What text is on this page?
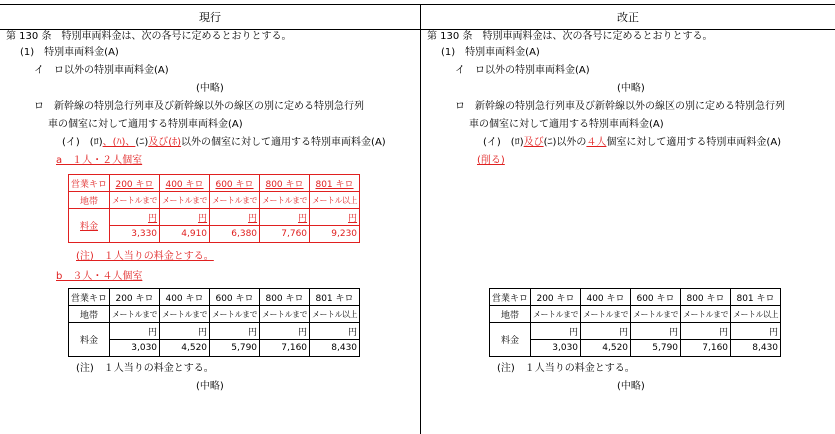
現行	改正
第 130 条　特別車両料金は、次の各号に定めるとおりとする。
(1)　特別車両料金(A)
イ　ロ以外の特別車両料金(A)
(中略)
ロ　新幹線の特別急行列車及び新幹線以外の線区の別に定める特別急行列
車の個室に対して適用する特別車両料金(A)
(イ)　(ﾛ)、(ﾊ)、(ﾆ)及び(ﾎ)以外の個室に対して適用する特別車両料金(A)
a　１人・２人個室
営業キロ	200 キロ	400 キロ	600 キロ	800 キロ	801 キロ
地帯	メートルまで	メートルまで	メートルまで	メートルまで	メートル以上
料金	円	円	円	円	円
	3,330	4,910	6,380	7,760	9,230
(注)　１人当りの料金とする。
b　３人・４人個室
営業キロ	200 キロ	400 キロ	600 キロ	800 キロ	801 キロ
地帯	メートルまで	メートルまで	メートルまで	メートルまで	メートル以上
料金	円	円	円	円	円
	3,030	4,520	5,790	7,160	8,430
(注)　１人当りの料金とする。
(中略)
第 130 条　特別車両料金は、次の各号に定めるとおりとする。
(1)　特別車両料金(A)
イ　ロ以外の特別車両料金(A)
(中略)
ロ　新幹線の特別急行列車及び新幹線以外の線区の別に定める特別急行列
車の個室に対して適用する特別車両料金(A)
(イ)　(ﾛ)及び(ﾆ)以外の４人個室に対して適用する特別車両料金(A)
(削る)
営業キロ	200 キロ	400 キロ	600 キロ	800 キロ	801 キロ
地帯	メートルまで	メートルまで	メートルまで	メートルまで	メートル以上
料金	円	円	円	円	円
	3,030	4,520	5,790	7,160	8,430
(注)　１人当りの料金とする。
(中略)
